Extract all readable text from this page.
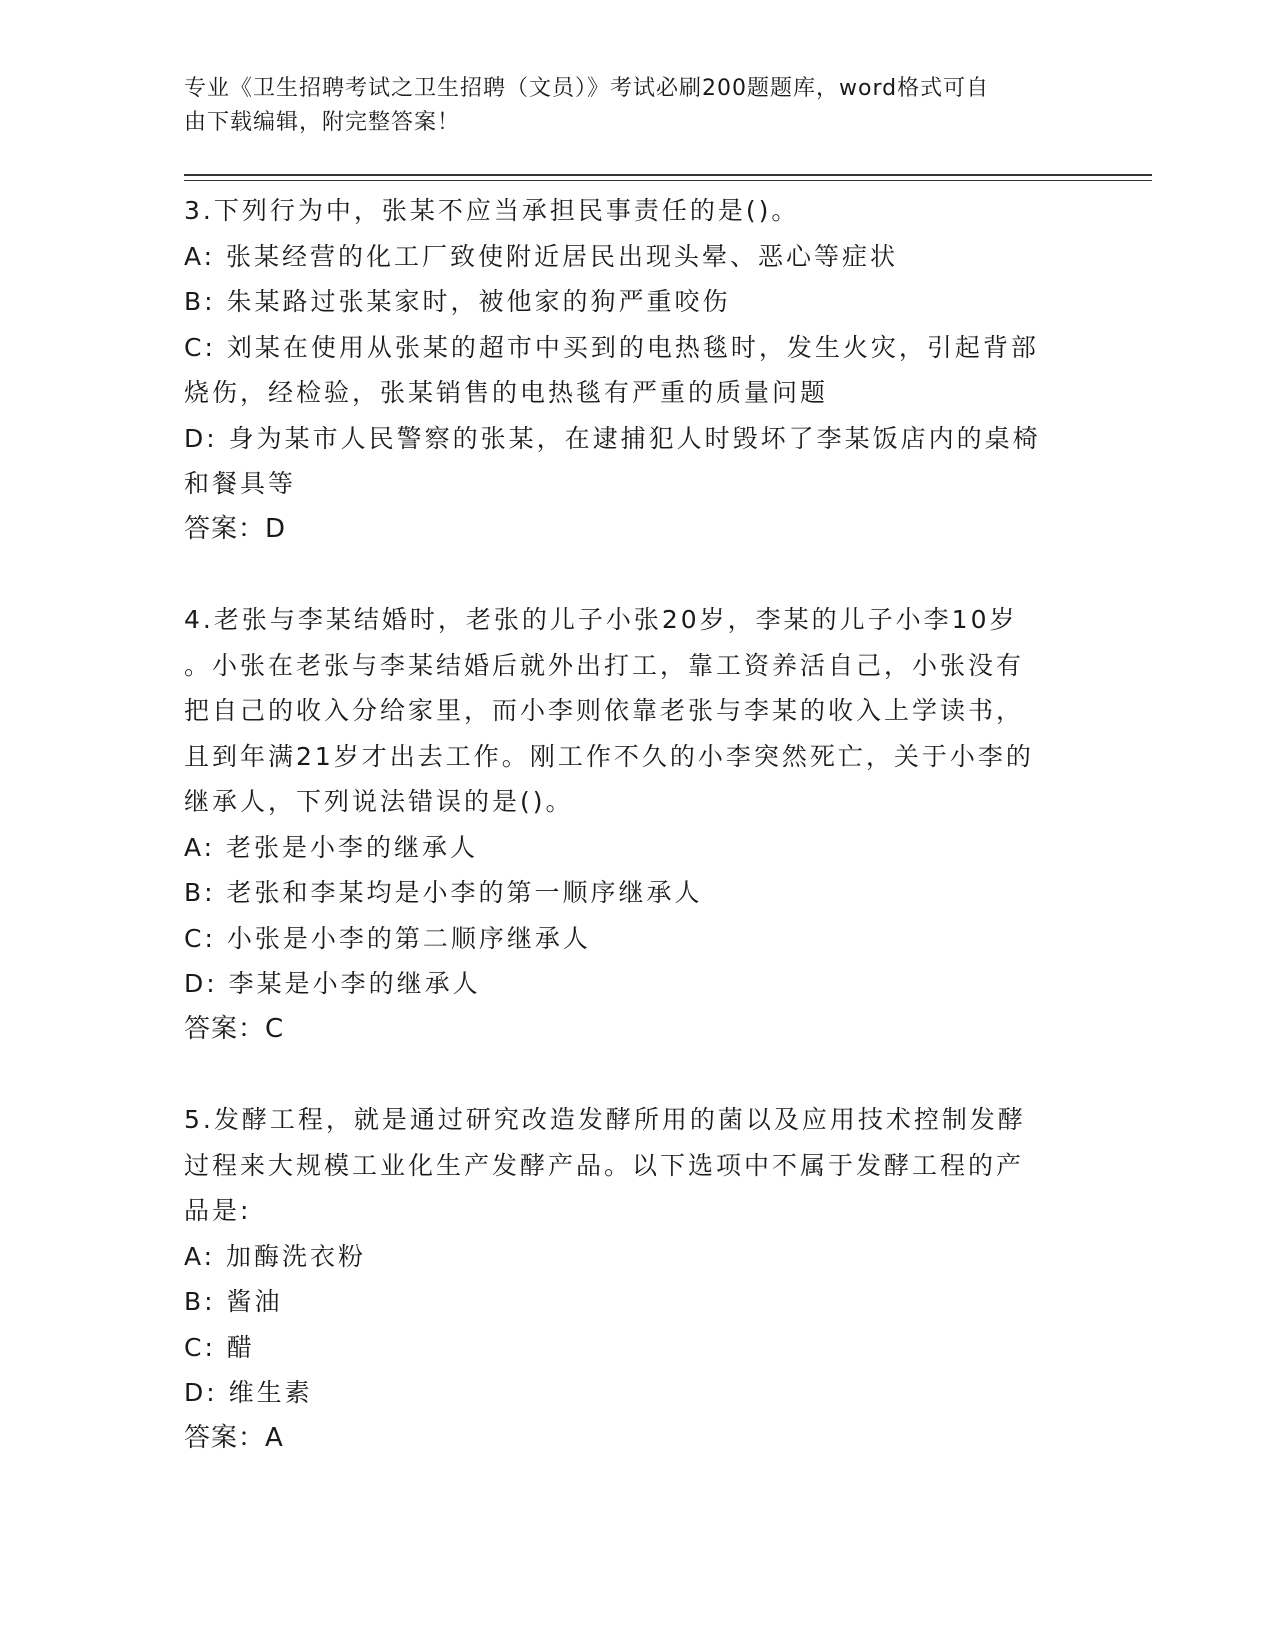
专业《卫生招聘考试之卫生招聘（文员）》考试必刷200题题库，word格式可自
由下载编辑，附完整答案！

3.下列行为中，张某不应当承担民事责任的是()。

A: 张某经营的化工厂致使附近居民出现头晕、恶心等症状

B: 朱某路过张某家时，被他家的狗严重咬伤

C: 刘某在使用从张某的超市中买到的电热毯时，发生火灾，引起背部

烧伤，经检验，张某销售的电热毯有严重的质量问题

D: 身为某市人民警察的张某，在逮捕犯人时毁坏了李某饭店内的桌椅

和餐具等

答案：D

4.老张与李某结婚时，老张的儿子小张20岁，李某的儿子小李10岁

。小张在老张与李某结婚后就外出打工，靠工资养活自己，小张没有

把自己的收入分给家里，而小李则依靠老张与李某的收入上学读书，

且到年满21岁才出去工作。刚工作不久的小李突然死亡，关于小李的

继承人，下列说法错误的是()。

A: 老张是小李的继承人

B: 老张和李某均是小李的第一顺序继承人

C: 小张是小李的第二顺序继承人

D: 李某是小李的继承人

答案：C

5.发酵工程，就是通过研究改造发酵所用的菌以及应用技术控制发酵

过程来大规模工业化生产发酵产品。以下选项中不属于发酵工程的产

品是:

A: 加酶洗衣粉

B: 酱油

C: 醋

D: 维生素

答案：A
